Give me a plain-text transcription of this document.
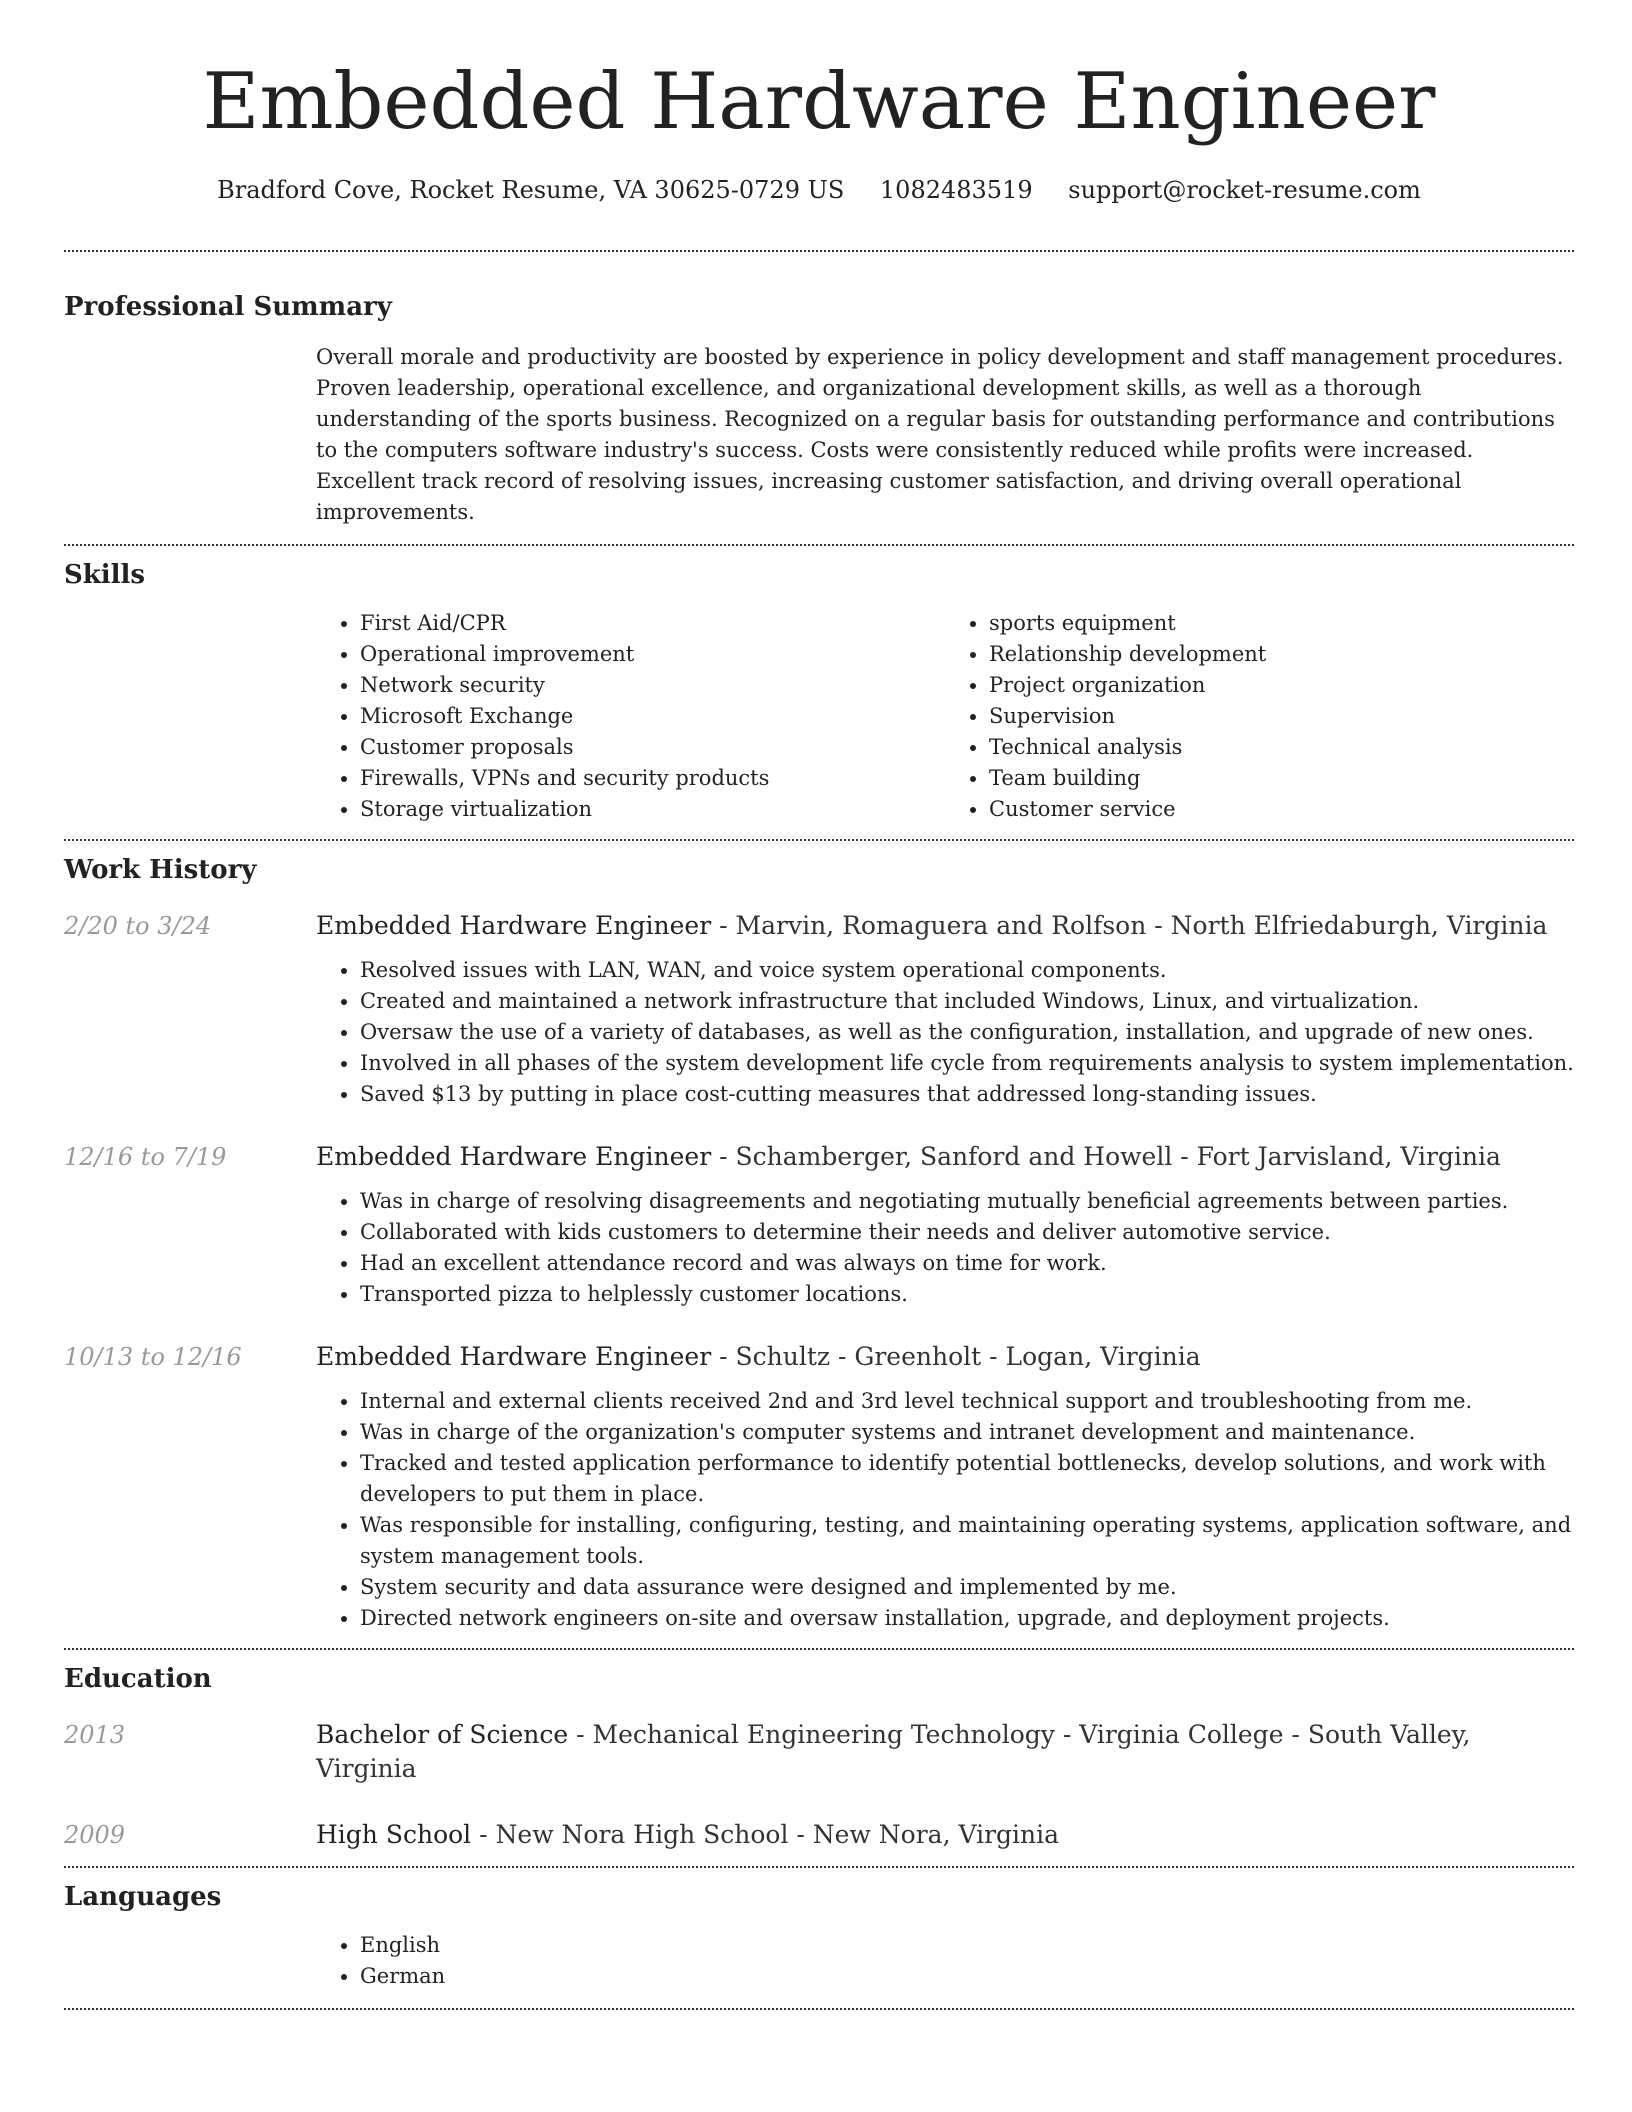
Embedded Hardware Engineer
Bradford Cove, Rocket Resume, VA 30625-0729 US 1082483519 support@rocket-resume.com
Professional Summary
Overall morale and productivity are boosted by experience in policy development and staff management procedures. Proven leadership, operational excellence, and organizational development skills, as well as a thorough understanding of the sports business. Recognized on a regular basis for outstanding performance and contributions to the computers software industry's success. Costs were consistently reduced while profits were increased. Excellent track record of resolving issues, increasing customer satisfaction, and driving overall operational improvements.
Skills
• First Aid/CPR
• Operational improvement
• Network security
• Microsoft Exchange
• Customer proposals
• Firewalls, VPNs and security products
• Storage virtualization
• sports equipment
• Relationship development
• Project organization
• Supervision
• Technical analysis
• Team building
• Customer service
Work History
2/20 to 3/24	Embedded Hardware Engineer - Marvin, Romaguera and Rolfson - North Elfriedaburgh, Virginia
• Resolved issues with LAN, WAN, and voice system operational components.
• Created and maintained a network infrastructure that included Windows, Linux, and virtualization.
• Oversaw the use of a variety of databases, as well as the configuration, installation, and upgrade of new ones.
• Involved in all phases of the system development life cycle from requirements analysis to system implementation.
• Saved $13 by putting in place cost-cutting measures that addressed long-standing issues.
12/16 to 7/19	Embedded Hardware Engineer - Schamberger, Sanford and Howell - Fort Jarvisland, Virginia
• Was in charge of resolving disagreements and negotiating mutually beneficial agreements between parties.
• Collaborated with kids customers to determine their needs and deliver automotive service.
• Had an excellent attendance record and was always on time for work.
• Transported pizza to helplessly customer locations.
10/13 to 12/16	Embedded Hardware Engineer - Schultz - Greenholt - Logan, Virginia
• Internal and external clients received 2nd and 3rd level technical support and troubleshooting from me.
• Was in charge of the organization's computer systems and intranet development and maintenance.
• Tracked and tested application performance to identify potential bottlenecks, develop solutions, and work with developers to put them in place.
• Was responsible for installing, configuring, testing, and maintaining operating systems, application software, and system management tools.
• System security and data assurance were designed and implemented by me.
• Directed network engineers on-site and oversaw installation, upgrade, and deployment projects.
Education
2013	Bachelor of Science - Mechanical Engineering Technology - Virginia College - South Valley, Virginia
2009	High School - New Nora High School - New Nora, Virginia
Languages
• English
• German
